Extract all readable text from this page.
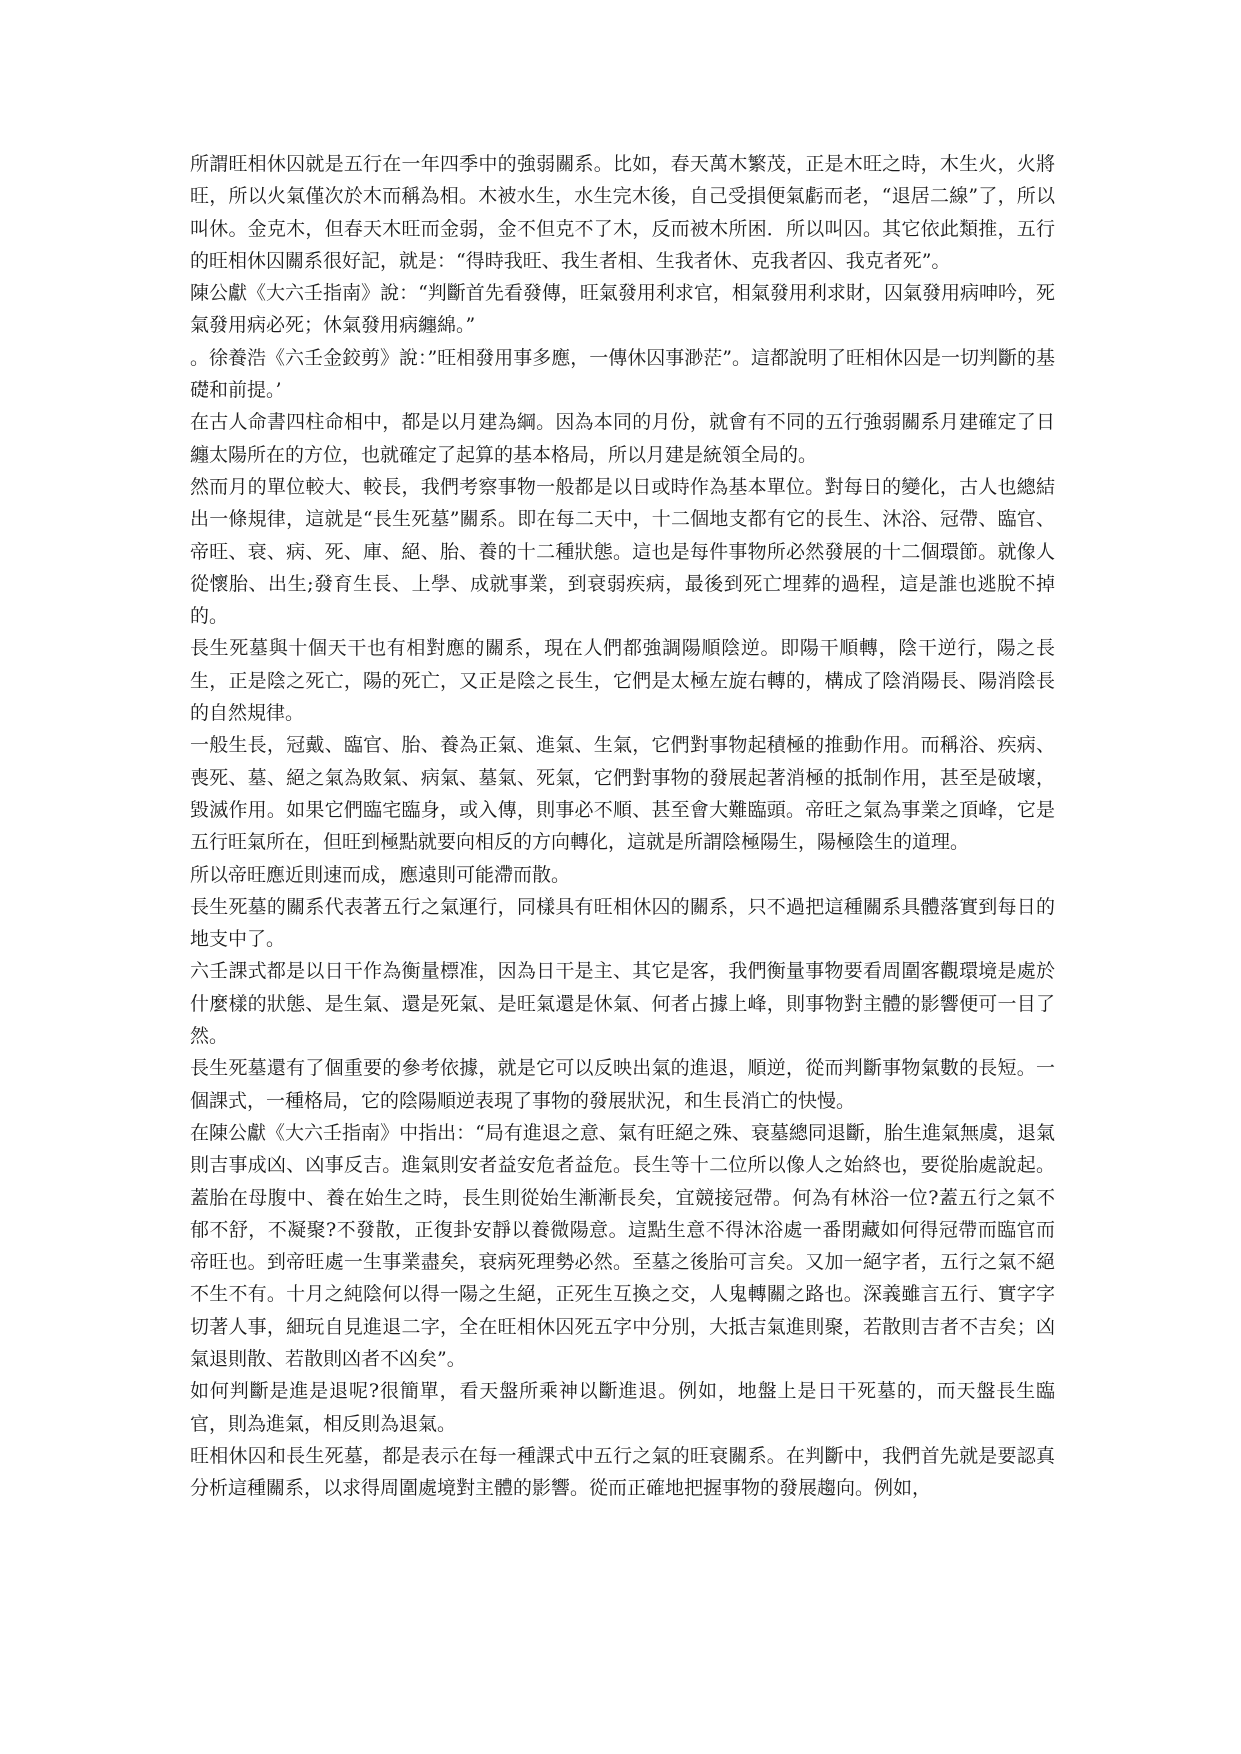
所謂旺相休囚就是五行在一年四季中的強弱關系。比如，春天萬木繁茂，正是木旺之時，木生火，火將旺，所以火氣僅次於木而稱為相。木被水生，水生完木後，自己受損便氣虧而老，“退居二線”了，所以叫休。金克木，但春天木旺而金弱，金不但克不了木，反而被木所困．所以叫囚。其它依此類推，五行的旺相休囚關系很好記，就是：“得時我旺、我生者相、生我者休、克我者囚、我克者死”。

陳公獻《大六壬指南》說：“判斷首先看發傳，旺氣發用利求官，相氣發用利求財，囚氣發用病呻吟，死氣發用病必死；休氣發用病纏綿。”

。徐養浩《六壬金鉸剪》說：”旺相發用事多應，一傳休囚事渺茫”。這都說明了旺相休囚是一切判斷的基礎和前提。’

在古人命書四柱命相中，都是以月建為綱。因為本同的月份，就會有不同的五行強弱關系月建確定了日纏太陽所在的方位，也就確定了起算的基本格局，所以月建是統領全局的。

然而月的單位較大、較長，我們考察事物一般都是以日或時作為基本單位。對每日的變化，古人也總結出一條規律，這就是“長生死墓”關系。即在每二天中，十二個地支都有它的長生、沐浴、冠帶、臨官、帝旺、衰、病、死、庫、絕、胎、養的十二種狀態。這也是每件事物所必然發展的十二個環節。就像人從懷胎、出生;發育生長、上學、成就事業，到衰弱疾病，最後到死亡埋葬的過程，這是誰也逃脫不掉的。

長生死墓與十個天干也有相對應的關系，現在人們都強調陽順陰逆。即陽干順轉，陰干逆行，陽之長生，正是陰之死亡，陽的死亡，又正是陰之長生，它們是太極左旋右轉的，構成了陰消陽長、陽消陰長的自然規律。

一般生長，冠戴、臨官、胎、養為正氣、進氣、生氣，它們對事物起積極的推動作用。而稱浴、疾病、喪死、墓、絕之氣為敗氣、病氣、墓氣、死氣，它們對事物的發展起著消極的抵制作用，甚至是破壞，毀滅作用。如果它們臨宅臨身，或入傳，則事必不順、甚至會大難臨頭。帝旺之氣為事業之頂峰，它是五行旺氣所在，但旺到極點就要向相反的方向轉化，這就是所謂陰極陽生，陽極陰生的道理。

所以帝旺應近則速而成，應遠則可能滯而散。

長生死墓的關系代表著五行之氣運行，同樣具有旺相休囚的關系，只不過把這種關系具體落實到每日的地支中了。

六壬課式都是以日干作為衡量標准，因為日干是主、其它是客，我們衡量事物要看周圍客觀環境是處於什麼樣的狀態、是生氣、還是死氣、是旺氣還是休氣、何者占據上峰，則事物對主體的影響便可一目了然。

長生死墓還有了個重要的參考依據，就是它可以反映出氣的進退，順逆，從而判斷事物氣數的長短。一個課式，一種格局，它的陰陽順逆表現了事物的發展狀況，和生長消亡的快慢。

在陳公獻《大六壬指南》中指出：“局有進退之意、氣有旺絕之殊、衰墓總同退斷，胎生進氣無虞，退氣則吉事成凶、凶事反吉。進氣則安者益安危者益危。長生等十二位所以像人之始終也，要從胎處說起。蓋胎在母腹中、養在始生之時，長生則從始生漸漸長矣，宜競接冠帶。何為有林浴一位?蓋五行之氣不郁不舒，不凝聚?不發散，正復卦安靜以養微陽意。這點生意不得沐浴處一番閉藏如何得冠帶而臨官而帝旺也。到帝旺處一生事業盡矣，衰病死理勢必然。至墓之後胎可言矣。又加一絕字者，五行之氣不絕不生不有。十月之純陰何以得一陽之生絕，正死生互換之交，人鬼轉關之路也。深義雖言五行、實字字切著人事，細玩自見進退二字，全在旺相休囚死五字中分別，大抵吉氣進則聚，若散則吉者不吉矣；凶氣退則散、若散則凶者不凶矣”。

如何判斷是進是退呢?很簡單，看天盤所乘神以斷進退。例如，地盤上是日干死墓的，而天盤長生臨官，則為進氣，相反則為退氣。

旺相休囚和長生死墓，都是表示在每一種課式中五行之氣的旺衰關系。在判斷中，我們首先就是要認真分析這種關系，以求得周圍處境對主體的影響。從而正確地把握事物的發展趨向。例如，
